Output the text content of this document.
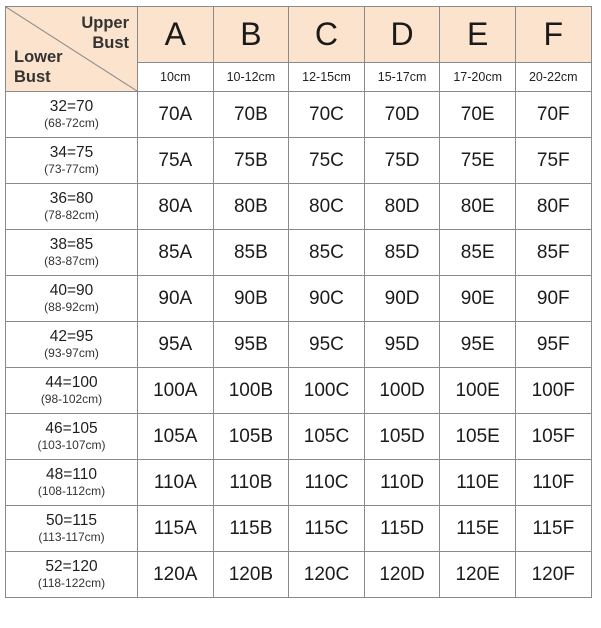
Upper
Bust
Lower
Bust	A	B	C	D	E	F
	10cm	10-12cm	12-15cm	15-17cm	17-20cm	20-22cm

32=70
(68-72cm)	70A	70B	70C	70D	70E	70F

34=75
(73-77cm)	75A	75B	75C	75D	75E	75F

36=80
(78-82cm)	80A	80B	80C	80D	80E	80F

38=85
(83-87cm)	85A	85B	85C	85D	85E	85F

40=90
(88-92cm)	90A	90B	90C	90D	90E	90F

42=95
(93-97cm)	95A	95B	95C	95D	95E	95F

44=100
(98-102cm)	100A	100B	100C	100D	100E	100F

46=105
(103-107cm)	105A	105B	105C	105D	105E	105F

48=110
(108-112cm)	110A	110B	110C	110D	110E	110F

50=115
(113-117cm)	115A	115B	115C	115D	115E	115F

52=120
(118-122cm)	120A	120B	120C	120D	120E	120F
